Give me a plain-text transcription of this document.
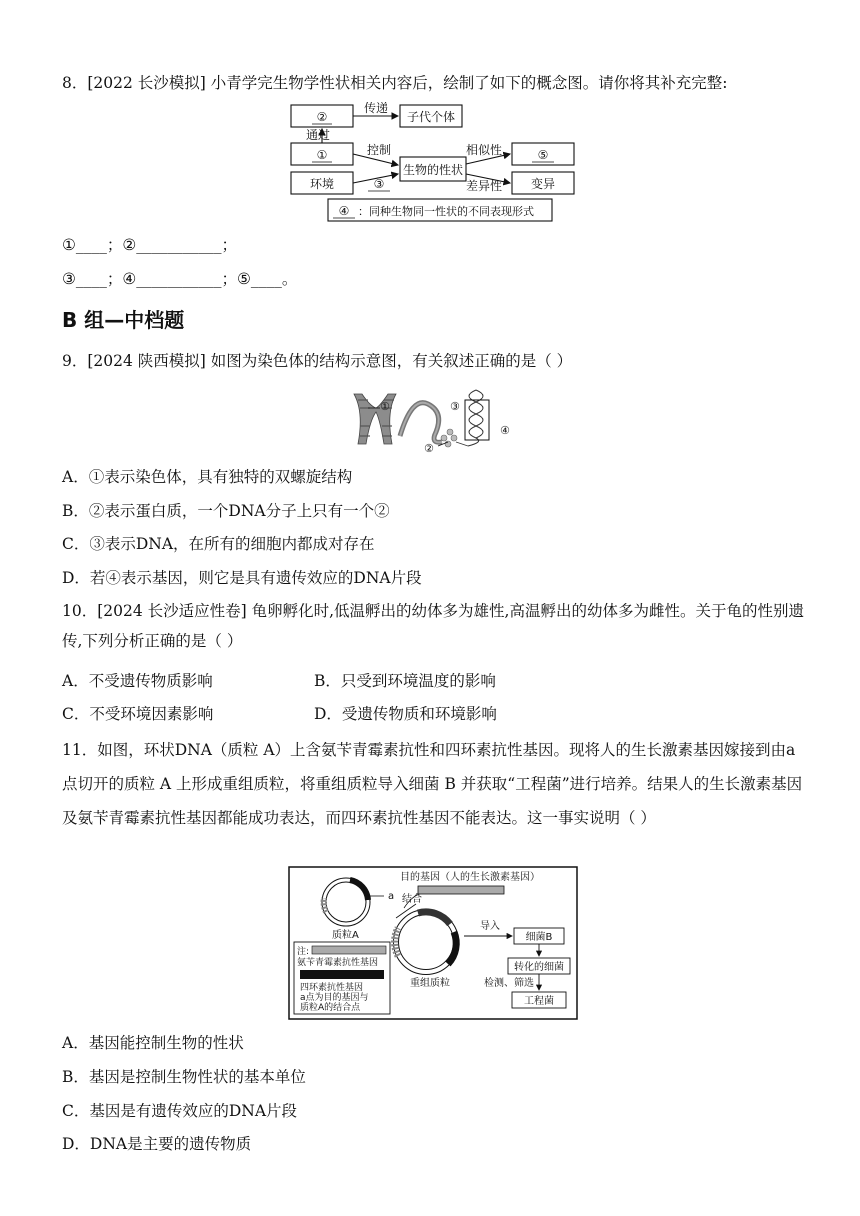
8．[2022 长沙模拟] 小青学完生物学性状相关内容后，绘制了如下的概念图。请你将其补充完整:
②
传递
子代个体
通过
①	控制
环境	③
生物的性状
相似性
差异性
⑤
变异
④ ：同种生物同一性状的不同表现形式
①____；②___________；
③____；④___________；⑤____。
B 组—中档题
9．[2024 陕西模拟] 如图为染色体的结构示意图，有关叙述正确的是（ ）
①
②
③
④
A．①表示染色体，具有独特的双螺旋结构
B．②表示蛋白质，一个DNA分子上只有一个②
C．③表示DNA，在所有的细胞内都成对存在
D．若④表示基因，则它是具有遗传效应的DNA片段
10．[2024 长沙适应性卷] 龟卵孵化时,低温孵出的幼体多为雄性,高温孵出的幼体多为雌性。关于龟的性别遗传,下列分析正确的是（ ）
A．不受遗传物质影响	B．只受到环境温度的影响
C．不受环境因素影响	D．受遗传物质和环境影响
11．如图，环状DNA（质粒 A）上含氨苄青霉素抗性和四环素抗性基因。现将人的生长激素基因嫁接到由a点切开的质粒 A 上形成重组质粒，将重组质粒导入细菌 B 并获取“工程菌”进行培养。结果人的生长激素基因及氨苄青霉素抗性基因都能成功表达，而四环素抗性基因不能表达。这一事实说明（ ）
a
质粒A
目的基因（人的生长激素基因）
结合
重组质粒
导入
细菌B
转化的细菌
检测、筛选
工程菌
注:
氨苄青霉素抗性基因
四环素抗性基因
a点为目的基因与
质粒A的结合点
A．基因能控制生物的性状
B．基因是控制生物性状的基本单位
C．基因是有遗传效应的DNA片段
D．DNA是主要的遗传物质
